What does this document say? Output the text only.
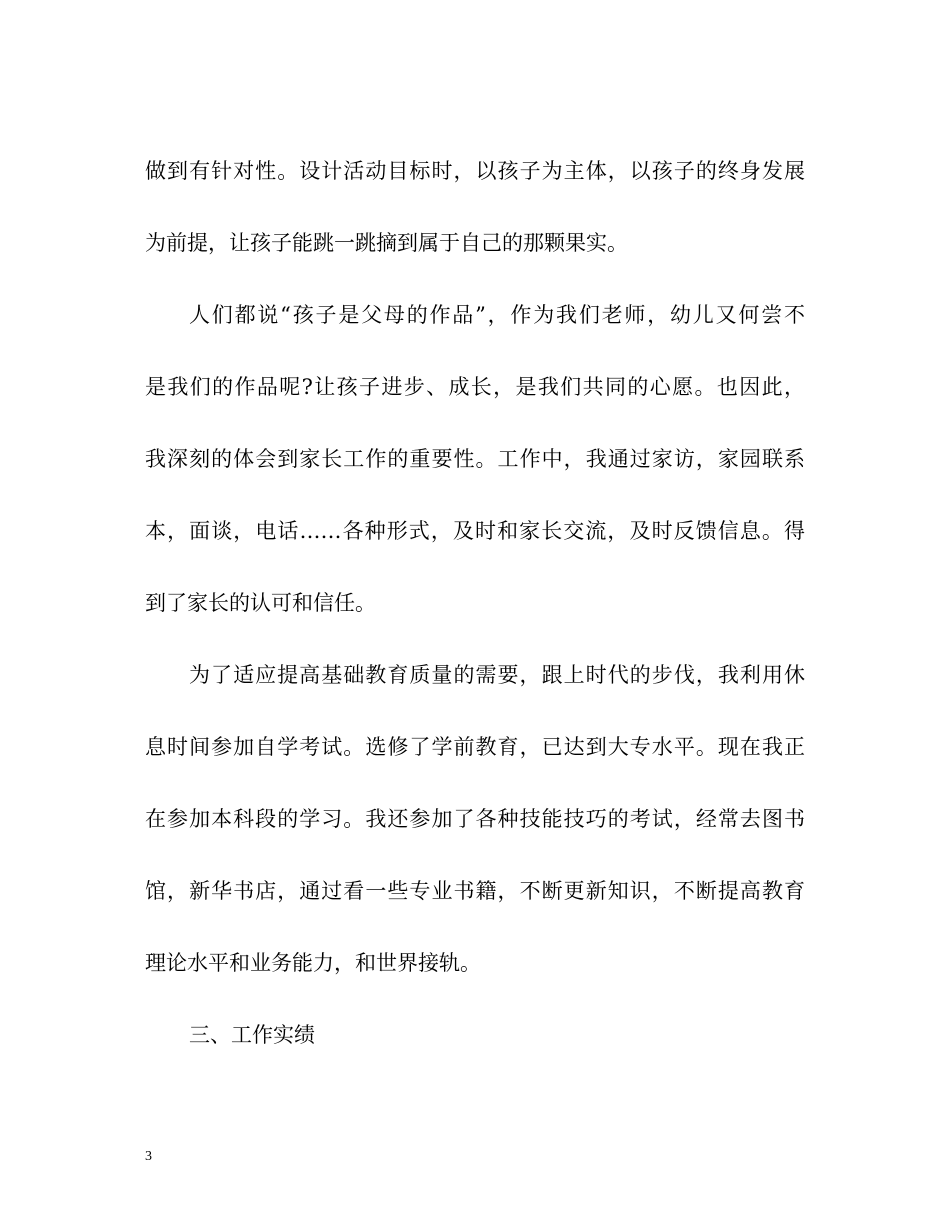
做到有针对性。设计活动目标时，以孩子为主体，以孩子的终身发展

为前提，让孩子能跳一跳摘到属于自己的那颗果实。

人们都说“孩子是父母的作品”，作为我们老师，幼儿又何尝不

是我们的作品呢?让孩子进步、成长，是我们共同的心愿。也因此，

我深刻的体会到家长工作的重要性。工作中，我通过家访，家园联系

本，面谈，电话……各种形式，及时和家长交流，及时反馈信息。得

到了家长的认可和信任。

为了适应提高基础教育质量的需要，跟上时代的步伐，我利用休

息时间参加自学考试。选修了学前教育，已达到大专水平。现在我正

在参加本科段的学习。我还参加了各种技能技巧的考试，经常去图书

馆，新华书店，通过看一些专业书籍，不断更新知识，不断提高教育

理论水平和业务能力，和世界接轨。

三、工作实绩

3
